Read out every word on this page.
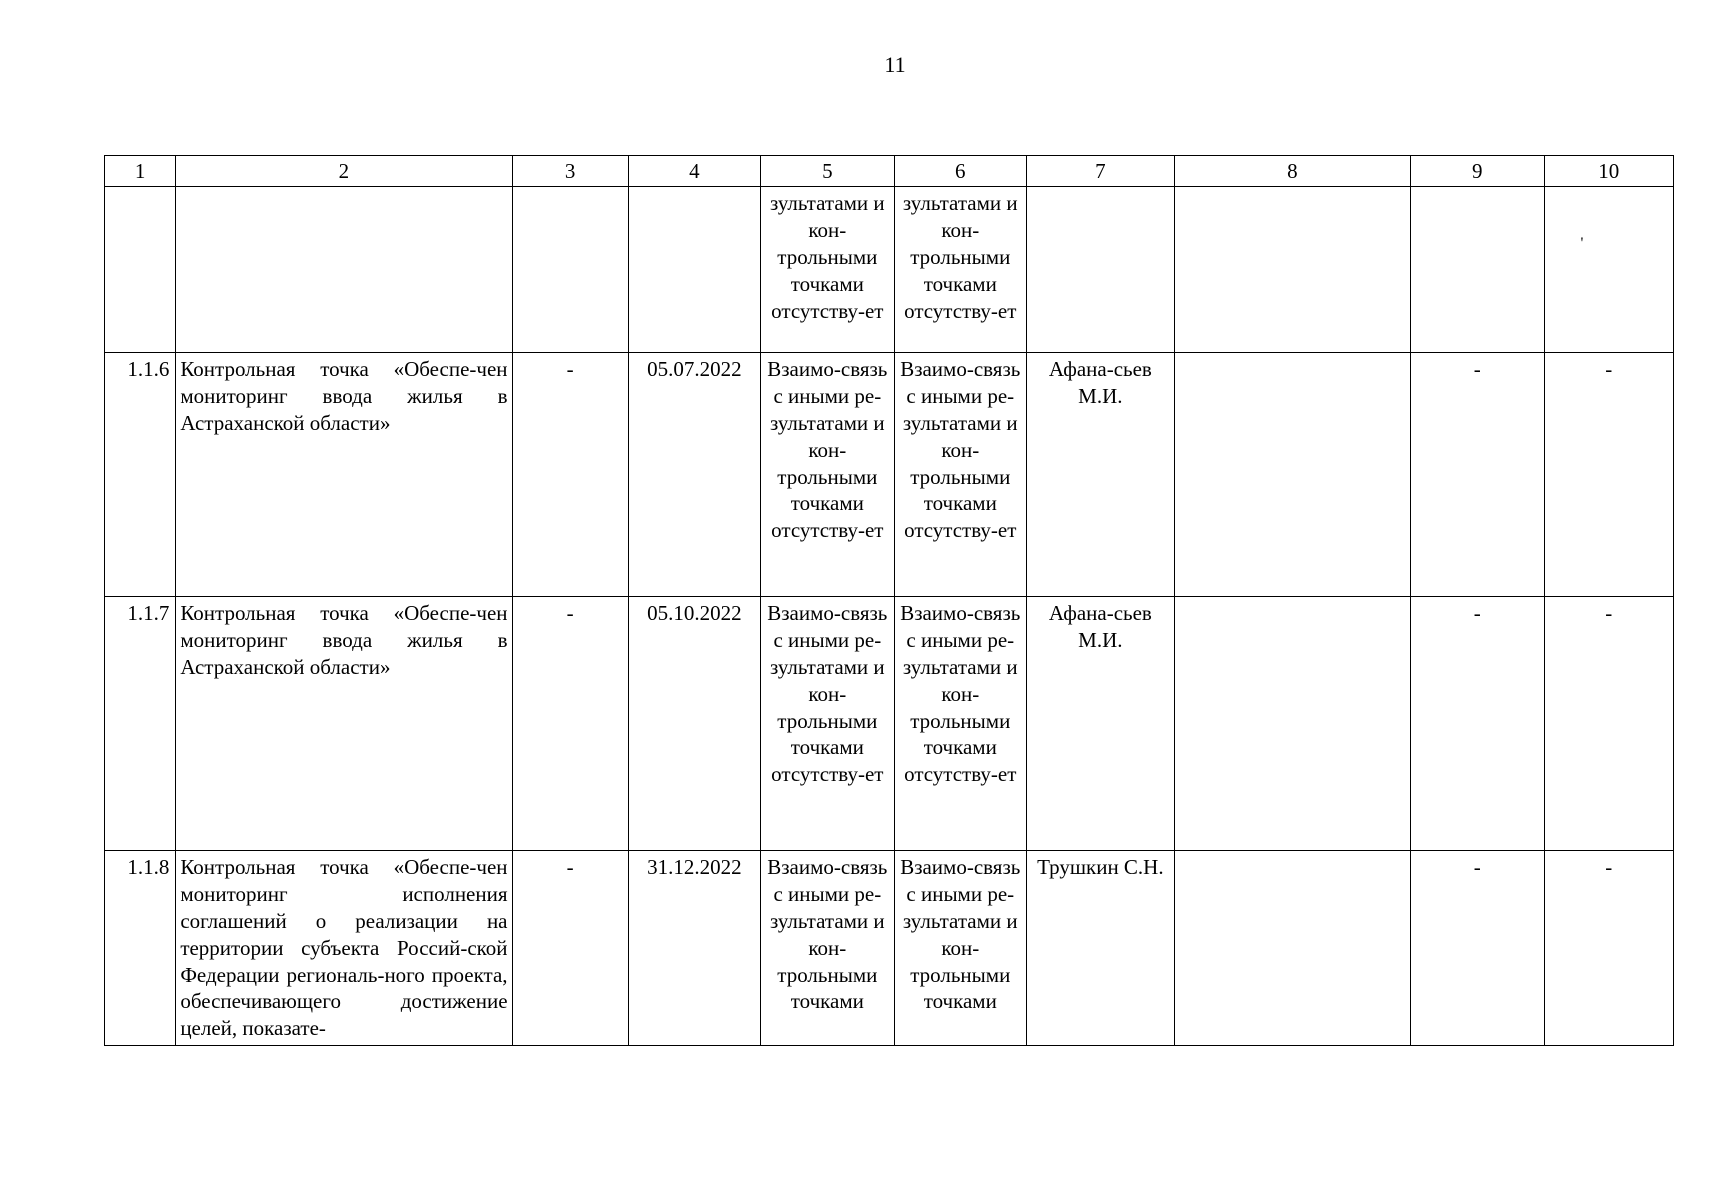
11
1	2	3	4	5	6	7	8	9	10
				зультатами и кон-трольными точками отсутству-ет	зультатами и кон-трольными точками отсутству-ет				'
1.1.6	Контрольная точка «Обеспе-чен мониторинг ввода жилья в Астраханской области»	-	05.07.2022	Взаимо-связь с иными ре-зультатами и кон-трольными точками отсутству-ет	Взаимо-связь с иными ре-зультатами и кон-трольными точками отсутству-ет	Афана-сьев М.И.		-	-
1.1.7	Контрольная точка «Обеспе-чен мониторинг ввода жилья в Астраханской области»	-	05.10.2022	Взаимо-связь с иными ре-зультатами и кон-трольными точками отсутству-ет	Взаимо-связь с иными ре-зультатами и кон-трольными точками отсутству-ет	Афана-сьев М.И.		-	-
1.1.8	Контрольная точка «Обеспе-чен мониторинг исполнения соглашений о реализации на территории субъекта Россий-ской Федерации региональ-ного проекта, обеспечивающего достижение целей, показате-	-	31.12.2022	Взаимо-связь с иными ре-зультатами и кон-трольными точками	Взаимо-связь с иными ре-зультатами и кон-трольными точками	Трушкин С.Н.		-	-
